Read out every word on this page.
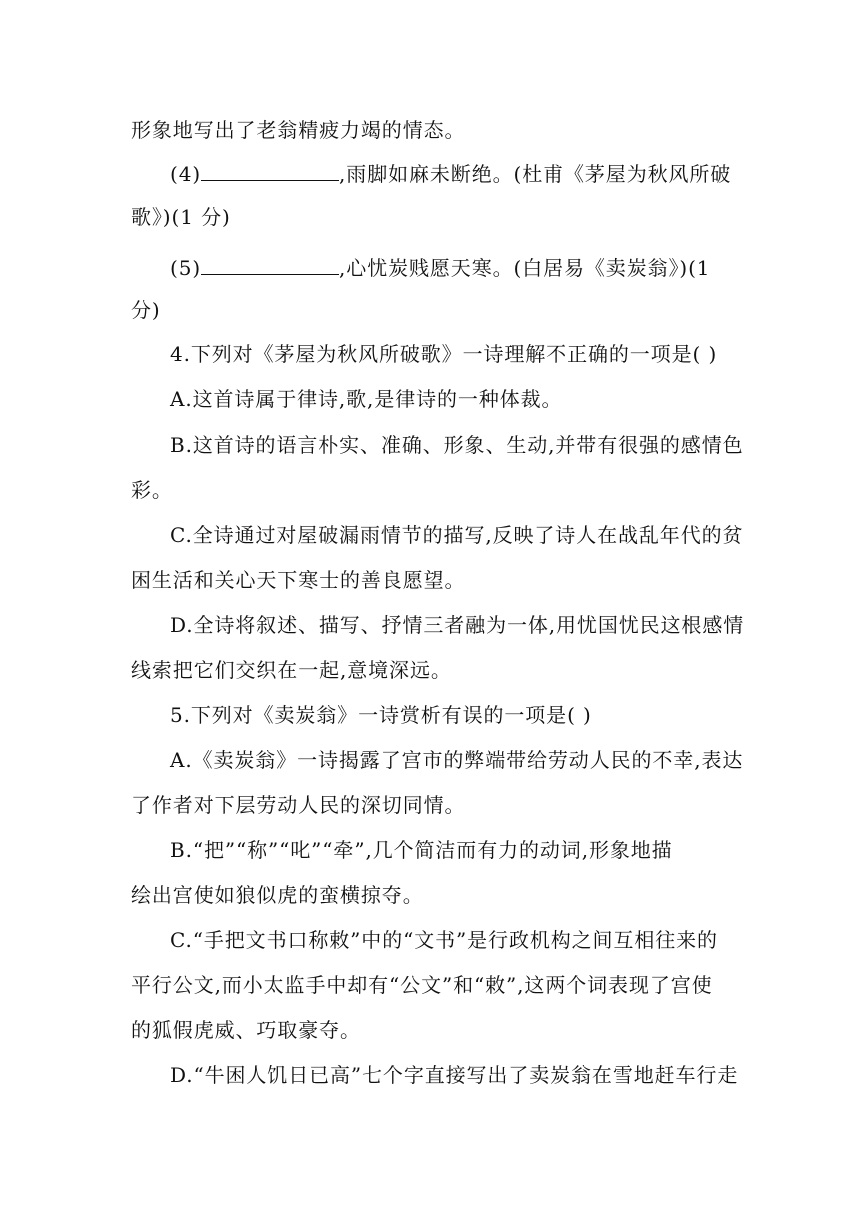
形象地写出了老翁精疲力竭的情态。
(4)	,雨脚如麻未断绝。(杜甫《茅屋为秋风所破
歌》)(1 分)
(5)	,心忧炭贱愿天寒。(白居易《卖炭翁》)(1
分)
4.下列对《茅屋为秋风所破歌》一诗理解不正确的一项是( )
A.这首诗属于律诗,歌,是律诗的一种体裁。
B.这首诗的语言朴实、准确、形象、生动,并带有很强的感情色
彩。
C.全诗通过对屋破漏雨情节的描写,反映了诗人在战乱年代的贫
困生活和关心天下寒士的善良愿望。
D.全诗将叙述、描写、抒情三者融为一体,用忧国忧民这根感情
线索把它们交织在一起,意境深远。
5.下列对《卖炭翁》一诗赏析有误的一项是( )
A.《卖炭翁》一诗揭露了宫市的弊端带给劳动人民的不幸,表达
了作者对下层劳动人民的深切同情。
B.“把”“称”“叱”“牵”,几个简洁而有力的动词,形象地描
绘出宫使如狼似虎的蛮横掠夺。
C.“手把文书口称敕”中的“文书”是行政机构之间互相往来的
平行公文,而小太监手中却有“公文”和“敕”,这两个词表现了宫使
的狐假虎威、巧取豪夺。
D.“牛困人饥日已高”七个字直接写出了卖炭翁在雪地赶车行走
